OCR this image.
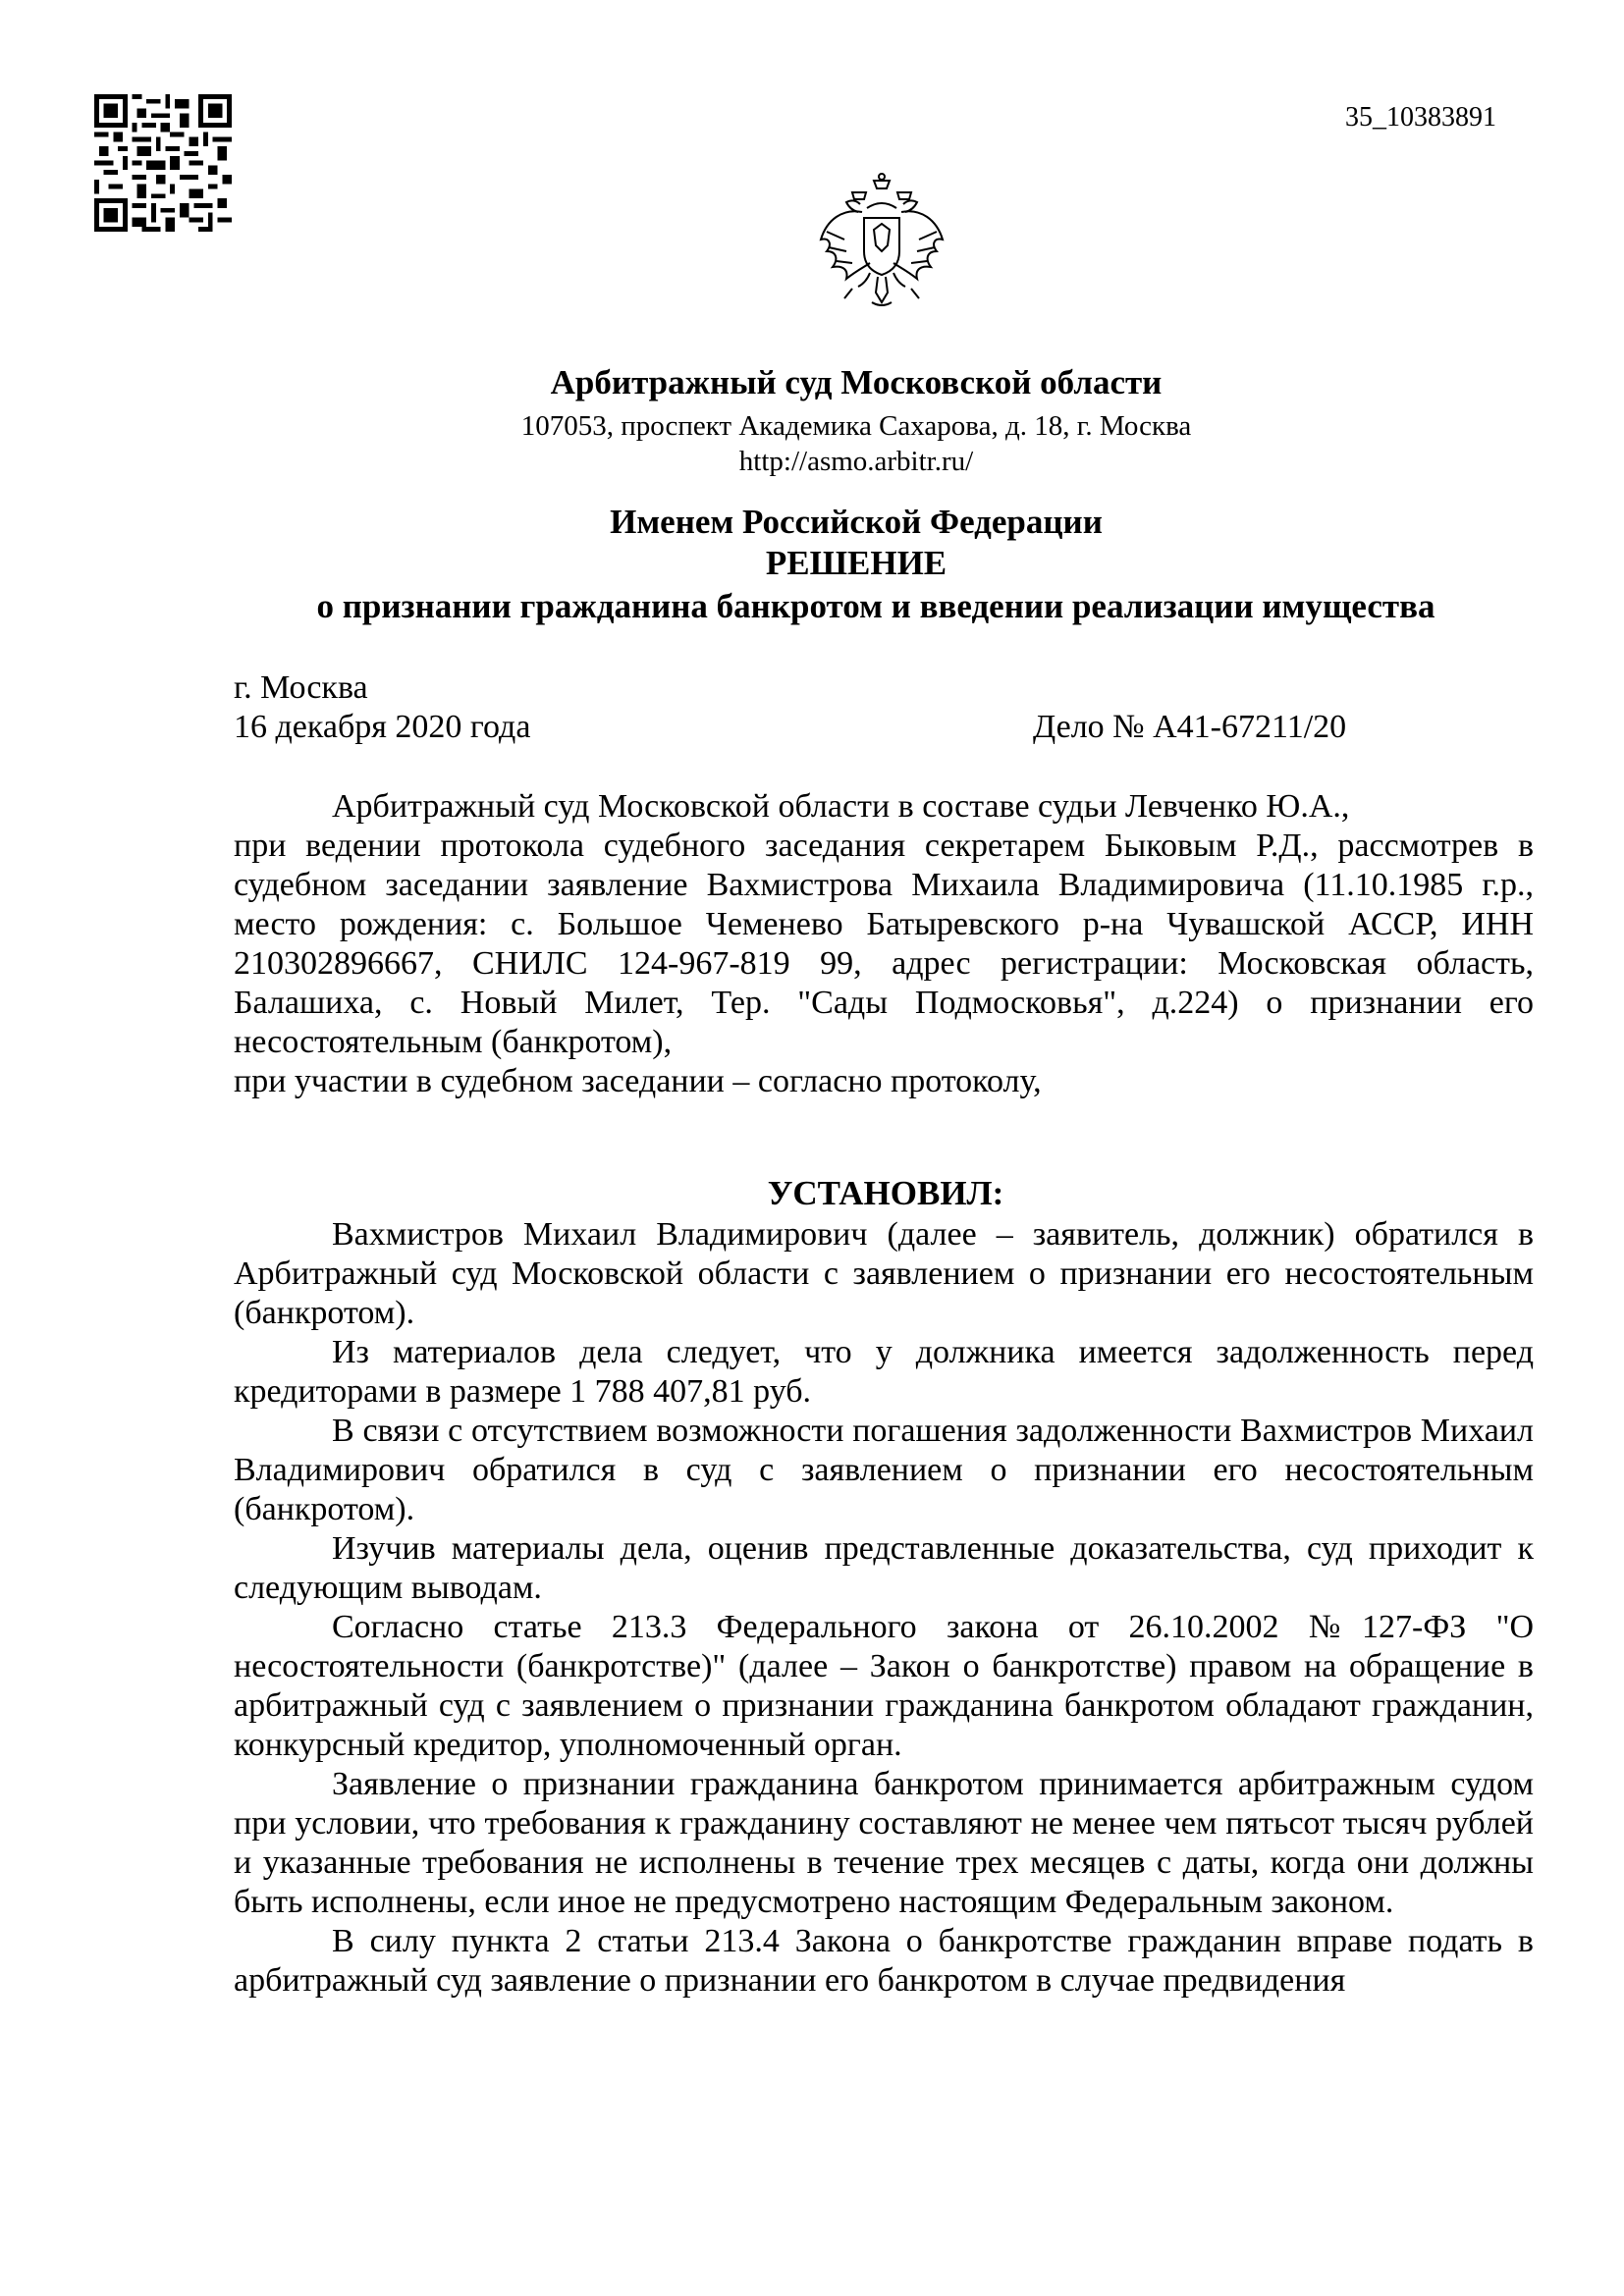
35_10383891
Арбитражный суд Московской области
107053, проспект Академика Сахарова, д. 18, г. Москва
http://asmo.arbitr.ru/
Именем Российской Федерации
РЕШЕНИЕ
о признании гражданина банкротом и введении реализации имущества
г. Москва
16 декабря 2020 года	Дело № А41-67211/20

Арбитражный суд Московской области в составе судьи Левченко Ю.А.,

при ведении протокола судебного заседания секретарем Быковым Р.Д., рассмотрев в судебном заседании заявление Вахмистрова Михаила Владимировича (11.10.1985 г.р., место рождения: с. Большое Чеменево Батыревского р-на Чувашской АССР, ИНН 210302896667, СНИЛС 124-967-819 99, адрес регистрации: Московская область, Балашиха, с. Новый Милет, Тер. "Сады Подмосковья", д.224) о признании его несостоятельным (банкротом),

при участии в судебном заседании – согласно протоколу,

УСТАНОВИЛ:

Вахмистров Михаил Владимирович (далее – заявитель, должник) обратился в Арбитражный суд Московской области с заявлением о признании его несостоятельным (банкротом).

Из материалов дела следует, что у должника имеется задолженность перед кредиторами в размере 1 788 407,81 руб.

В связи с отсутствием возможности погашения задолженности Вахмистров Михаил Владимирович обратился в суд с заявлением о признании его несостоятельным (банкротом).

Изучив материалы дела, оценив представленные доказательства, суд приходит к следующим выводам.

Согласно статье 213.3 Федерального закона от 26.10.2002 №127-ФЗ "О несостоятельности (банкротстве)" (далее – Закон о банкротстве) правом на обращение в арбитражный суд с заявлением о признании гражданина банкротом обладают гражданин, конкурсный кредитор, уполномоченный орган.

Заявление о признании гражданина банкротом принимается арбитражным судом при условии, что требования к гражданину составляют не менее чем пятьсот тысяч рублей и указанные требования не исполнены в течение трех месяцев с даты, когда они должны быть исполнены, если иное не предусмотрено настоящим Федеральным законом.

В силу пункта 2 статьи 213.4 Закона о банкротстве гражданин вправе подать в арбитражный суд заявление о признании его банкротом в случае предвидения
